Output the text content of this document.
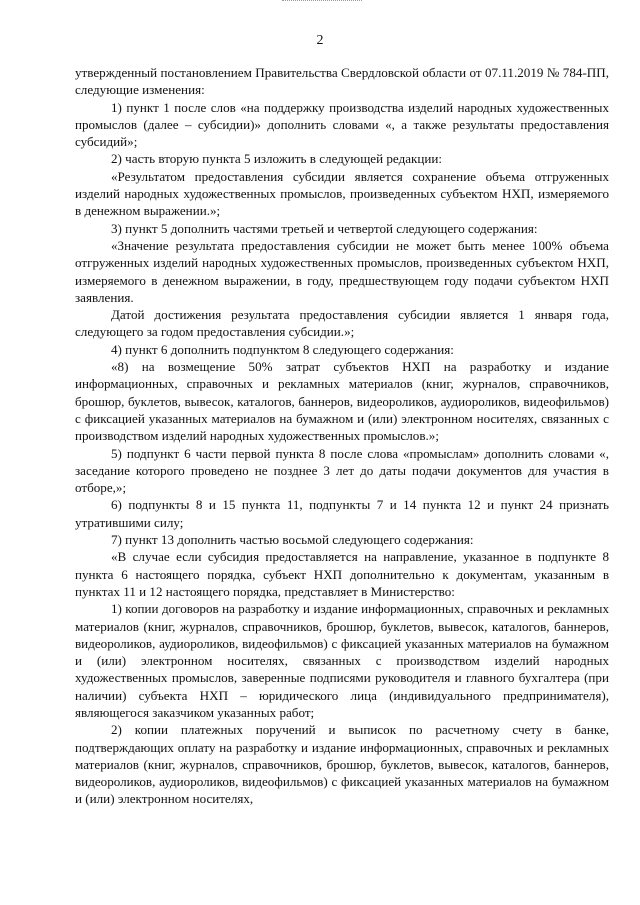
2

утвержденный постановлением Правительства Свердловской области от 07.11.2019 № 784-ПП, следующие изменения:

1) пункт 1 после слов «на поддержку производства изделий народных художественных промыслов (далее – субсидии)» дополнить словами «, а также результаты предоставления субсидий»;

2) часть вторую пункта 5 изложить в следующей редакции:

«Результатом предоставления субсидии является сохранение объема отгруженных изделий народных художественных промыслов, произведенных субъектом НХП, измеряемого в денежном выражении.»;

3) пункт 5 дополнить частями третьей и четвертой следующего содержания:

«Значение результата предоставления субсидии не может быть менее 100% объема отгруженных изделий народных художественных промыслов, произведенных субъектом НХП, измеряемого в денежном выражении, в году, предшествующем году подачи субъектом НХП заявления.

Датой достижения результата предоставления субсидии является 1 января года, следующего за годом предоставления субсидии.»;

4) пункт 6 дополнить подпунктом 8 следующего содержания:

«8) на возмещение 50% затрат субъектов НХП на разработку и издание информационных, справочных и рекламных материалов (книг, журналов, справочников, брошюр, буклетов, вывесок, каталогов, баннеров, видеороликов, аудиороликов, видеофильмов) с фиксацией указанных материалов на бумажном и (или) электронном носителях, связанных с производством изделий народных художественных промыслов.»;

5) подпункт 6 части первой пункта 8 после слова «промыслам» дополнить словами «, заседание которого проведено не позднее 3 лет до даты подачи документов для участия в отборе,»;

6) подпункты 8 и 15 пункта 11, подпункты 7 и 14 пункта 12 и пункт 24 признать утратившими силу;

7) пункт 13 дополнить частью восьмой следующего содержания:

«В случае если субсидия предоставляется на направление, указанное в подпункте 8 пункта 6 настоящего порядка, субъект НХП дополнительно к документам, указанным в пунктах 11 и 12 настоящего порядка, представляет в Министерство:

1) копии договоров на разработку и издание информационных, справочных и рекламных материалов (книг, журналов, справочников, брошюр, буклетов, вывесок, каталогов, баннеров, видеороликов, аудиороликов, видеофильмов) с фиксацией указанных материалов на бумажном и (или) электронном носителях, связанных с производством изделий народных художественных промыслов, заверенные подписями руководителя и главного бухгалтера (при наличии) субъекта НХП – юридического лица (индивидуального предпринимателя), являющегося заказчиком указанных работ;

2) копии платежных поручений и выписок по расчетному счету в банке, подтверждающих оплату на разработку и издание информационных, справочных и рекламных материалов (книг, журналов, справочников, брошюр, буклетов, вывесок, каталогов, баннеров, видеороликов, аудиороликов, видеофильмов) с фиксацией указанных материалов на бумажном и (или) электронном носителях,
